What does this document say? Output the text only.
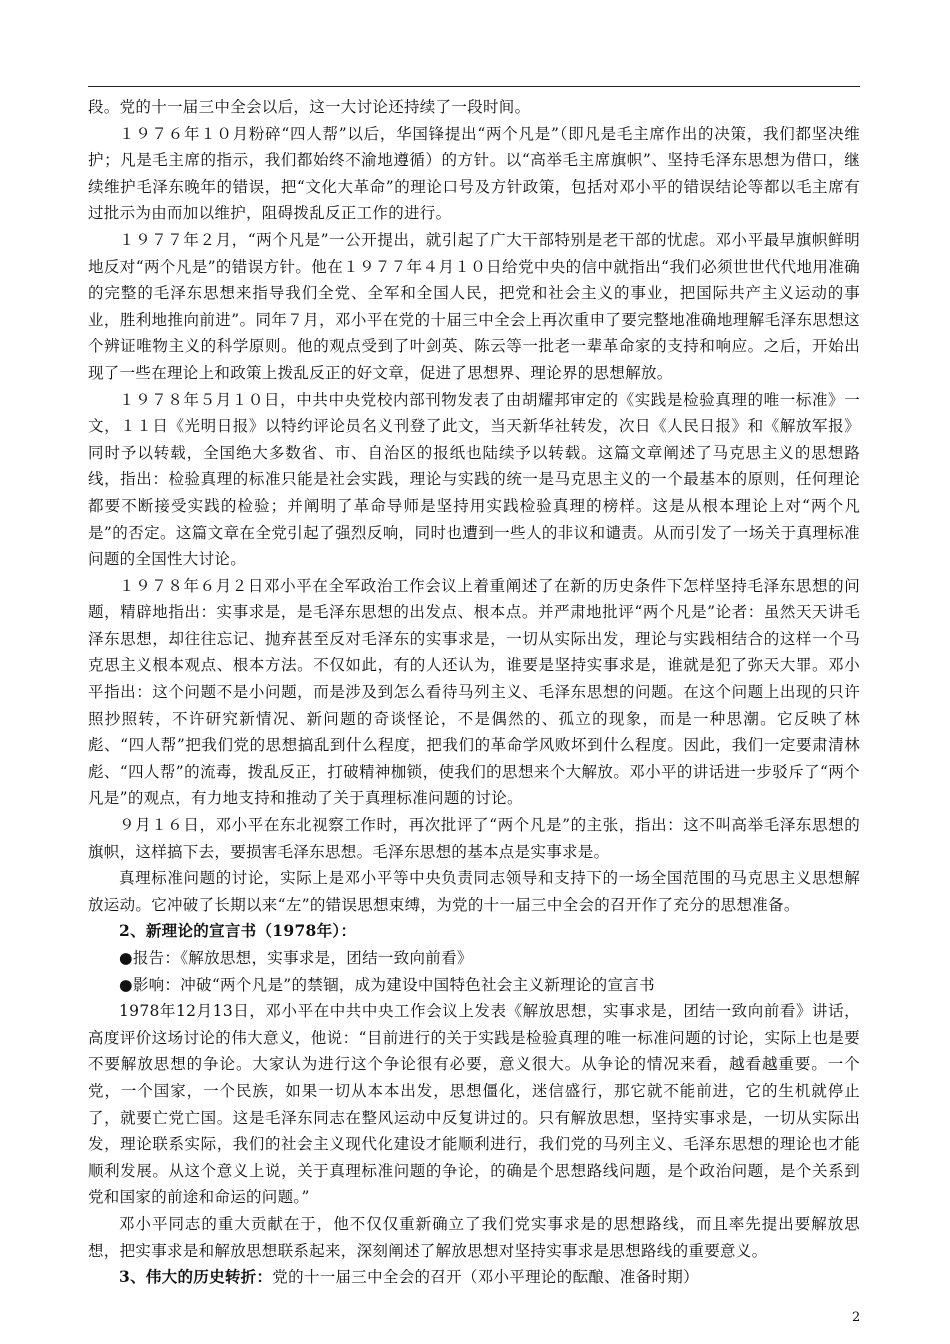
段。党的十一届三中全会以后，这一大讨论还持续了一段时间。

１９７６年１０月粉碎“四人帮”以后，华国锋提出“两个凡是”（即凡是毛主席作出的决策，我们都坚决维护；凡是毛主席的指示，我们都始终不渝地遵循）的方针。以“高举毛主席旗帜”、坚持毛泽东思想为借口，继续维护毛泽东晚年的错误，把“文化大革命”的理论口号及方针政策，包括对邓小平的错误结论等都以毛主席有过批示为由而加以维护，阻碍拨乱反正工作的进行。

１９７７年２月，“两个凡是”一公开提出，就引起了广大干部特别是老干部的忧虑。邓小平最早旗帜鲜明地反对“两个凡是”的错误方针。他在１９７７年４月１０日给党中央的信中就指出“我们必须世世代代地用准确的完整的毛泽东思想来指导我们全党、全军和全国人民，把党和社会主义的事业，把国际共产主义运动的事业，胜利地推向前进”。同年７月，邓小平在党的十届三中全会上再次重申了要完整地准确地理解毛泽东思想这个辨证唯物主义的科学原则。他的观点受到了叶剑英、陈云等一批老一辈革命家的支持和响应。之后，开始出现了一些在理论上和政策上拨乱反正的好文章，促进了思想界、理论界的思想解放。

１９７８年５月１０日，中共中央党校内部刊物发表了由胡耀邦审定的《实践是检验真理的唯一标准》一文，１１日《光明日报》以特约评论员名义刊登了此文，当天新华社转发，次日《人民日报》和《解放军报》同时予以转载，全国绝大多数省、市、自治区的报纸也陆续予以转载。这篇文章阐述了马克思主义的思想路线，指出：检验真理的标准只能是社会实践，理论与实践的统一是马克思主义的一个最基本的原则，任何理论都要不断接受实践的检验；并阐明了革命导师是坚持用实践检验真理的榜样。这是从根本理论上对“两个凡是”的否定。这篇文章在全党引起了强烈反响，同时也遭到一些人的非议和谴责。从而引发了一场关于真理标准问题的全国性大讨论。

１９７８年６月２日邓小平在全军政治工作会议上着重阐述了在新的历史条件下怎样坚持毛泽东思想的问题，精辟地指出：实事求是，是毛泽东思想的出发点、根本点。并严肃地批评“两个凡是”论者：虽然天天讲毛泽东思想，却往往忘记、抛弃甚至反对毛泽东的实事求是，一切从实际出发，理论与实践相结合的这样一个马克思主义根本观点、根本方法。不仅如此，有的人还认为，谁要是坚持实事求是，谁就是犯了弥天大罪。邓小平指出：这个问题不是小问题，而是涉及到怎么看待马列主义、毛泽东思想的问题。在这个问题上出现的只许照抄照转，不许研究新情况、新问题的奇谈怪论，不是偶然的、孤立的现象，而是一种思潮。它反映了林彪、“四人帮”把我们党的思想搞乱到什么程度，把我们的革命学风败坏到什么程度。因此，我们一定要肃清林彪、“四人帮”的流毒，拨乱反正，打破精神枷锁，使我们的思想来个大解放。邓小平的讲话进一步驳斥了“两个凡是”的观点，有力地支持和推动了关于真理标准问题的讨论。

９月１６日，邓小平在东北视察工作时，再次批评了“两个凡是”的主张，指出：这不叫高举毛泽东思想的旗帜，这样搞下去，要损害毛泽东思想。毛泽东思想的基本点是实事求是。

真理标准问题的讨论，实际上是邓小平等中央负责同志领导和支持下的一场全国范围的马克思主义思想解放运动。它冲破了长期以来“左”的错误思想束缚，为党的十一届三中全会的召开作了充分的思想准备。

2、新理论的宣言书（1978年）：

●报告：《解放思想，实事求是，团结一致向前看》

●影响：冲破“两个凡是”的禁锢，成为建设中国特色社会主义新理论的宣言书

1978年12月13日，邓小平在中共中央工作会议上发表《解放思想，实事求是，团结一致向前看》讲话，高度评价这场讨论的伟大意义，他说：“目前进行的关于实践是检验真理的唯一标准问题的讨论，实际上也是要不要解放思想的争论。大家认为进行这个争论很有必要，意义很大。从争论的情况来看，越看越重要。一个党，一个国家，一个民族，如果一切从本本出发，思想僵化，迷信盛行，那它就不能前进，它的生机就停止了，就要亡党亡国。这是毛泽东同志在整风运动中反复讲过的。只有解放思想，坚持实事求是，一切从实际出发，理论联系实际，我们的社会主义现代化建设才能顺利进行，我们党的马列主义、毛泽东思想的理论也才能顺利发展。从这个意义上说，关于真理标准问题的争论，的确是个思想路线问题，是个政治问题，是个关系到党和国家的前途和命运的问题。”

邓小平同志的重大贡献在于，他不仅仅重新确立了我们党实事求是的思想路线，而且率先提出要解放思想，把实事求是和解放思想联系起来，深刻阐述了解放思想对坚持实事求是思想路线的重要意义。

3、伟大的历史转折：党的十一届三中全会的召开（邓小平理论的酝酿、准备时期）

2
